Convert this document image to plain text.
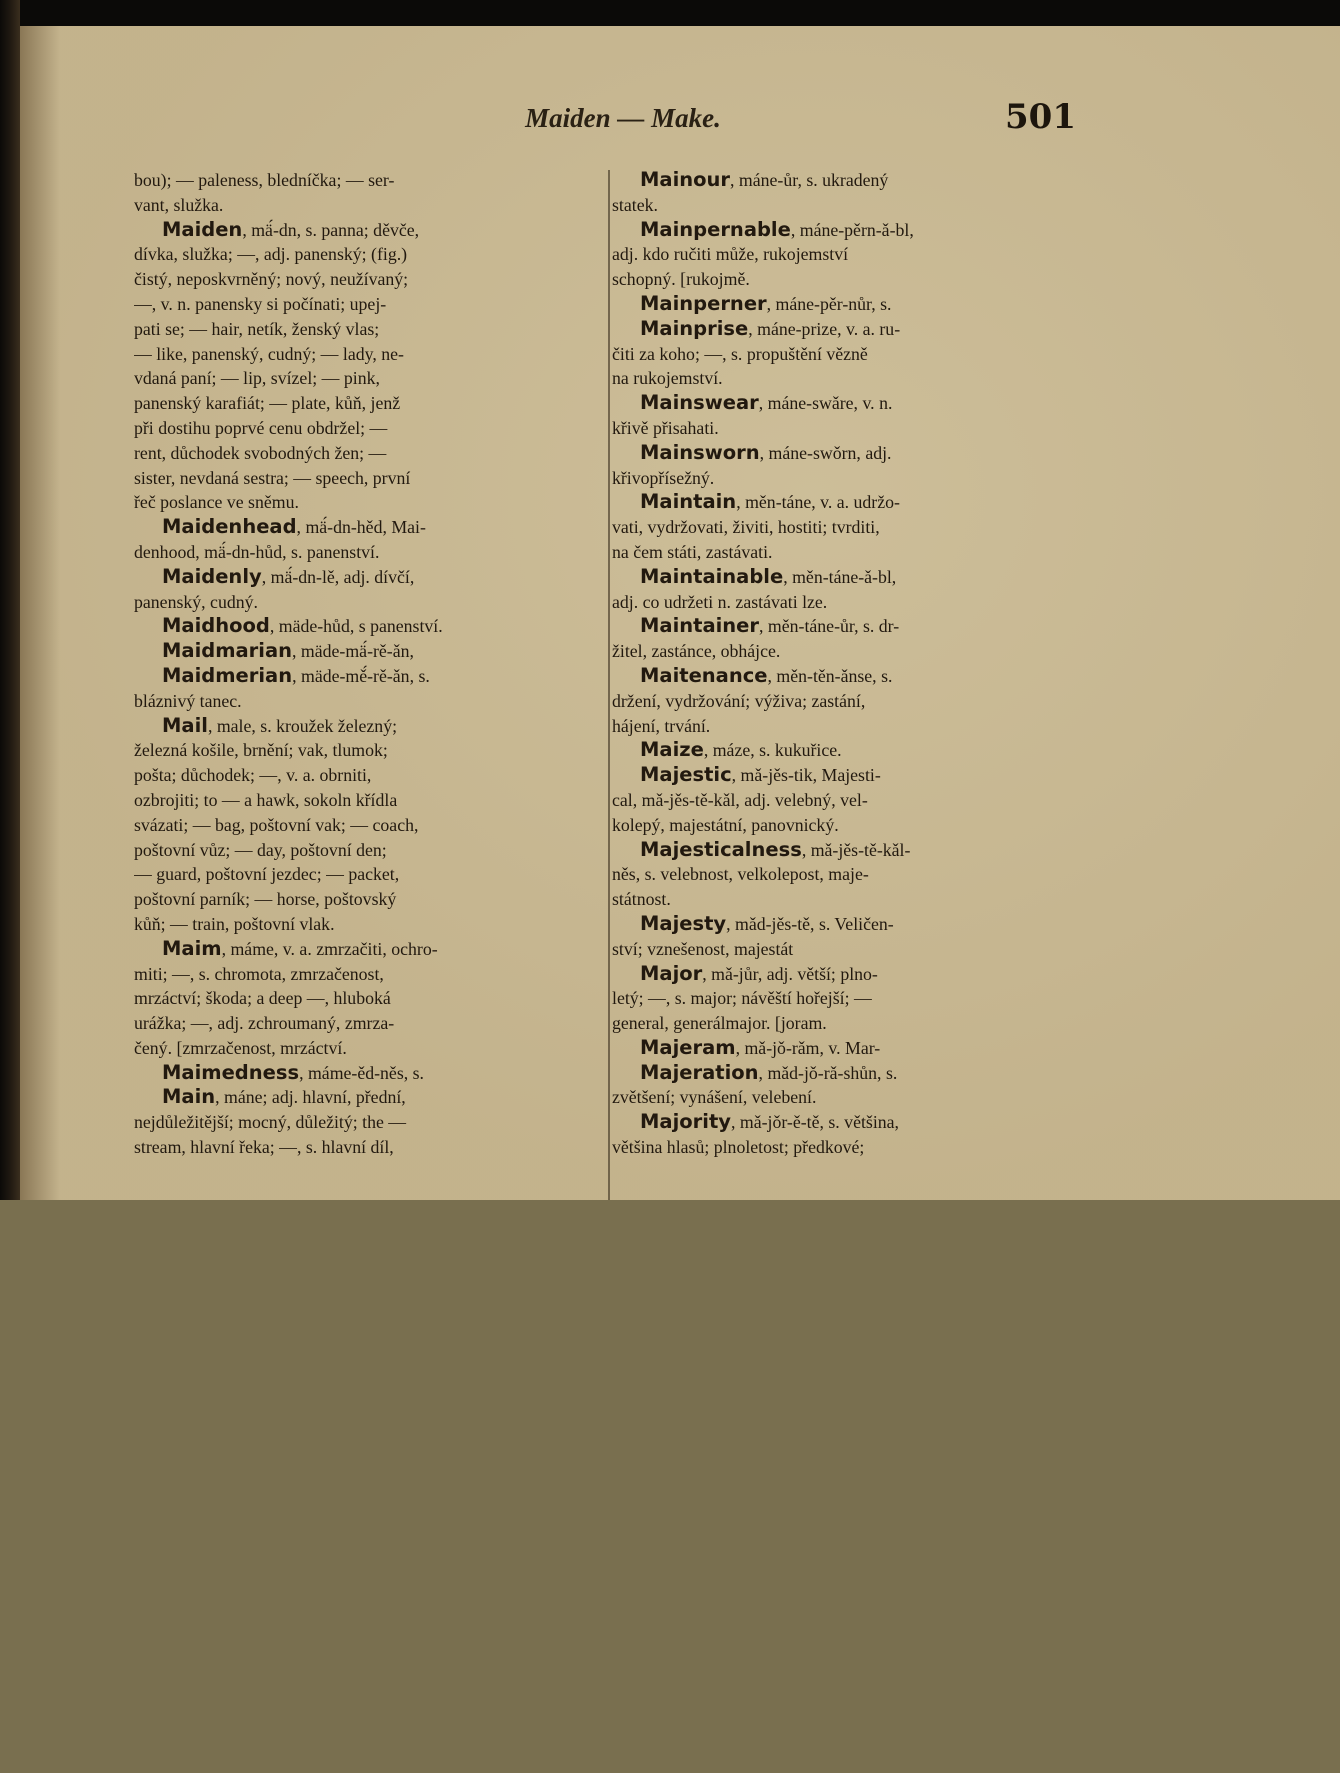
Maiden — Make.	501
bou); — paleness, bledníčka; — ser-
vant, služka.
Maiden, mä́-dn, s. panna; děvče,
dívka, služka; —, adj. panenský; (fig.)
čistý, neposkvrněný; nový, neužívaný;
—, v. n. panensky si počínati; upej-
pati se; — hair, netík, ženský vlas;
— like, panenský, cudný; — lady, ne-
vdaná paní; — lip, svízel; — pink,
panenský karafiát; — plate, kůň, jenž
při dostihu poprvé cenu obdržel; —
rent, důchodek svobodných žen; —
sister, nevdaná sestra; — speech, první
řeč poslance ve sněmu.
Maidenhead, mä́-dn-hěd, Mai-
denhood, mä́-dn-hůd, s. panenství.
Maidenly, mä́-dn-lě, adj. dívčí,
panenský, cudný.
Maidhood, mäde-hůd, s panenství.
Maidmarian, mäde-mä́-rě-ǎn,
Maidmerian, mäde-mě́-rě-ǎn, s.
bláznivý tanec.
Mail, male, s. kroužek železný;
železná košile, brnění; vak, tlumok;
pošta; důchodek; —, v. a. obrniti,
ozbrojiti; to — a hawk, sokoln křídla
svázati; — bag, poštovní vak; — coach,
poštovní vůz; — day, poštovní den;
— guard, poštovní jezdec; — packet,
poštovní parník; — horse, poštovský
kůň; — train, poštovní vlak.
Maim, máme, v. a. zmrzačiti, ochro-
miti; —, s. chromota, zmrzačenost,
mrzáctví; škoda; a deep —, hluboká
urážka; —, adj. zchroumaný, zmrza-
čený. [zmrzačenost, mrzáctví.
Maimedness, máme-ěd-něs, s.
Main, máne; adj. hlavní, přední,
nejdůležitější; mocný, důležitý; the —
stream, hlavní řeka; —, s. hlavní díl,
Mainour, máne-ůr, s. ukradený
statek.
Mainpernable, máne-pěrn-ǎ-bl,
adj. kdo ručiti může, rukojemství
schopný. [rukojmě.
Mainperner, máne-pěr-nůr, s.
Mainprise, máne-prize, v. a. ru-
čiti za koho; —, s. propuštění vězně
na rukojemství.
Mainswear, máne-swǎre, v. n.
křivě přisahati.
Mainsworn, máne-swǒrn, adj.
křivopřísežný.
Maintain, měn-táne, v. a. udržo-
vati, vydržovati, živiti, hostiti; tvrditi,
na čem státi, zastávati.
Maintainable, měn-táne-ǎ-bl,
adj. co udržeti n. zastávati lze.
Maintainer, měn-táne-ůr, s. dr-
žitel, zastánce, obhájce.
Maitenance, měn-těn-ǎnse, s.
držení, vydržování; výživa; zastání,
hájení, trvání.
Maize, máze, s. kukuřice.
Majestic, mǎ-jěs-tik, Majesti-
cal, mǎ-jěs-tě-kǎl, adj. velebný, vel-
kolepý, majestátní, panovnický.
Majesticalness, mǎ-jěs-tě-kǎl-
něs, s. velebnost, velkolepost, maje-
státnost.
Majesty, mǎd-jěs-tě, s. Veličen-
ství; vznešenost, majestát
Major, mǎ-jůr, adj. větší; plno-
letý; —, s. major; návěští hořejší; —
general, generálmajor. [joram.
Majeram, mǎ-jǒ-rǎm, v. Mar-
Majeration, mǎd-jǒ-rǎ-shůn, s.
zvětšení; vynášení, velebení.
Majority, mǎ-jǒr-ě-tě, s. většina,
většina hlasů; plnoletost; předkové;
